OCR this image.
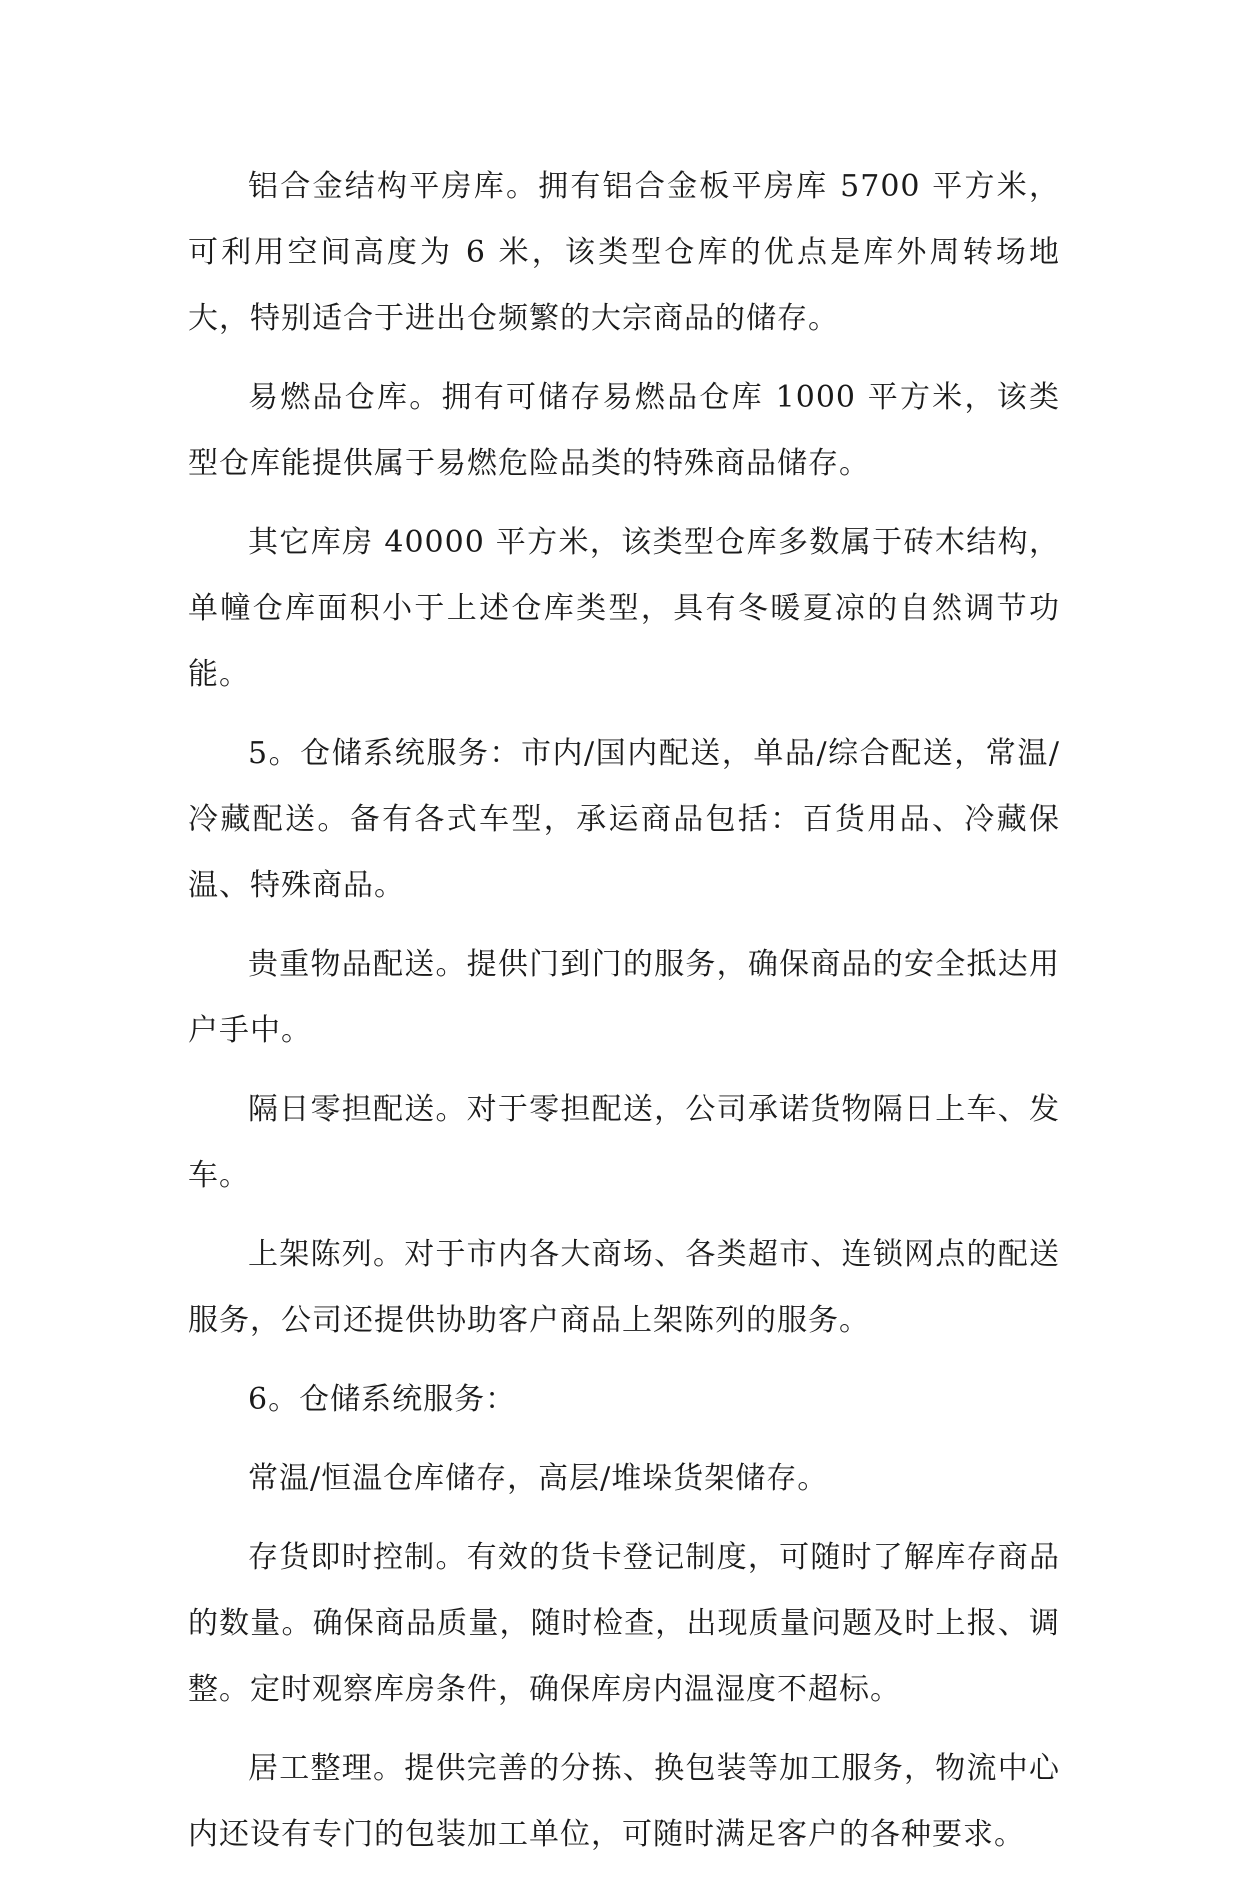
铝合金结构平房库。拥有铝合金板平房库 5700 平方米，可利用空间高度为 6 米，该类型仓库的优点是库外周转场地大，特别适合于进出仓频繁的大宗商品的储存。

易燃品仓库。拥有可储存易燃品仓库 1000 平方米，该类型仓库能提供属于易燃危险品类的特殊商品储存。

其它库房 40000 平方米，该类型仓库多数属于砖木结构，单幢仓库面积小于上述仓库类型，具有冬暖夏凉的自然调节功能。

5。仓储系统服务：市内/国内配送，单品/综合配送，常温/冷藏配送。备有各式车型，承运商品包括：百货用品、冷藏保温、特殊商品。

贵重物品配送。提供门到门的服务，确保商品的安全抵达用户手中。

隔日零担配送。对于零担配送，公司承诺货物隔日上车、发车。

上架陈列。对于市内各大商场、各类超市、连锁网点的配送服务，公司还提供协助客户商品上架陈列的服务。

6。仓储系统服务：

常温/恒温仓库储存，高层/堆垛货架储存。

存货即时控制。有效的货卡登记制度，可随时了解库存商品的数量。确保商品质量，随时检查，出现质量问题及时上报、调整。定时观察库房条件，确保库房内温湿度不超标。

居工整理。提供完善的分拣、换包装等加工服务，物流中心内还设有专门的包装加工单位，可随时满足客户的各种要求。
